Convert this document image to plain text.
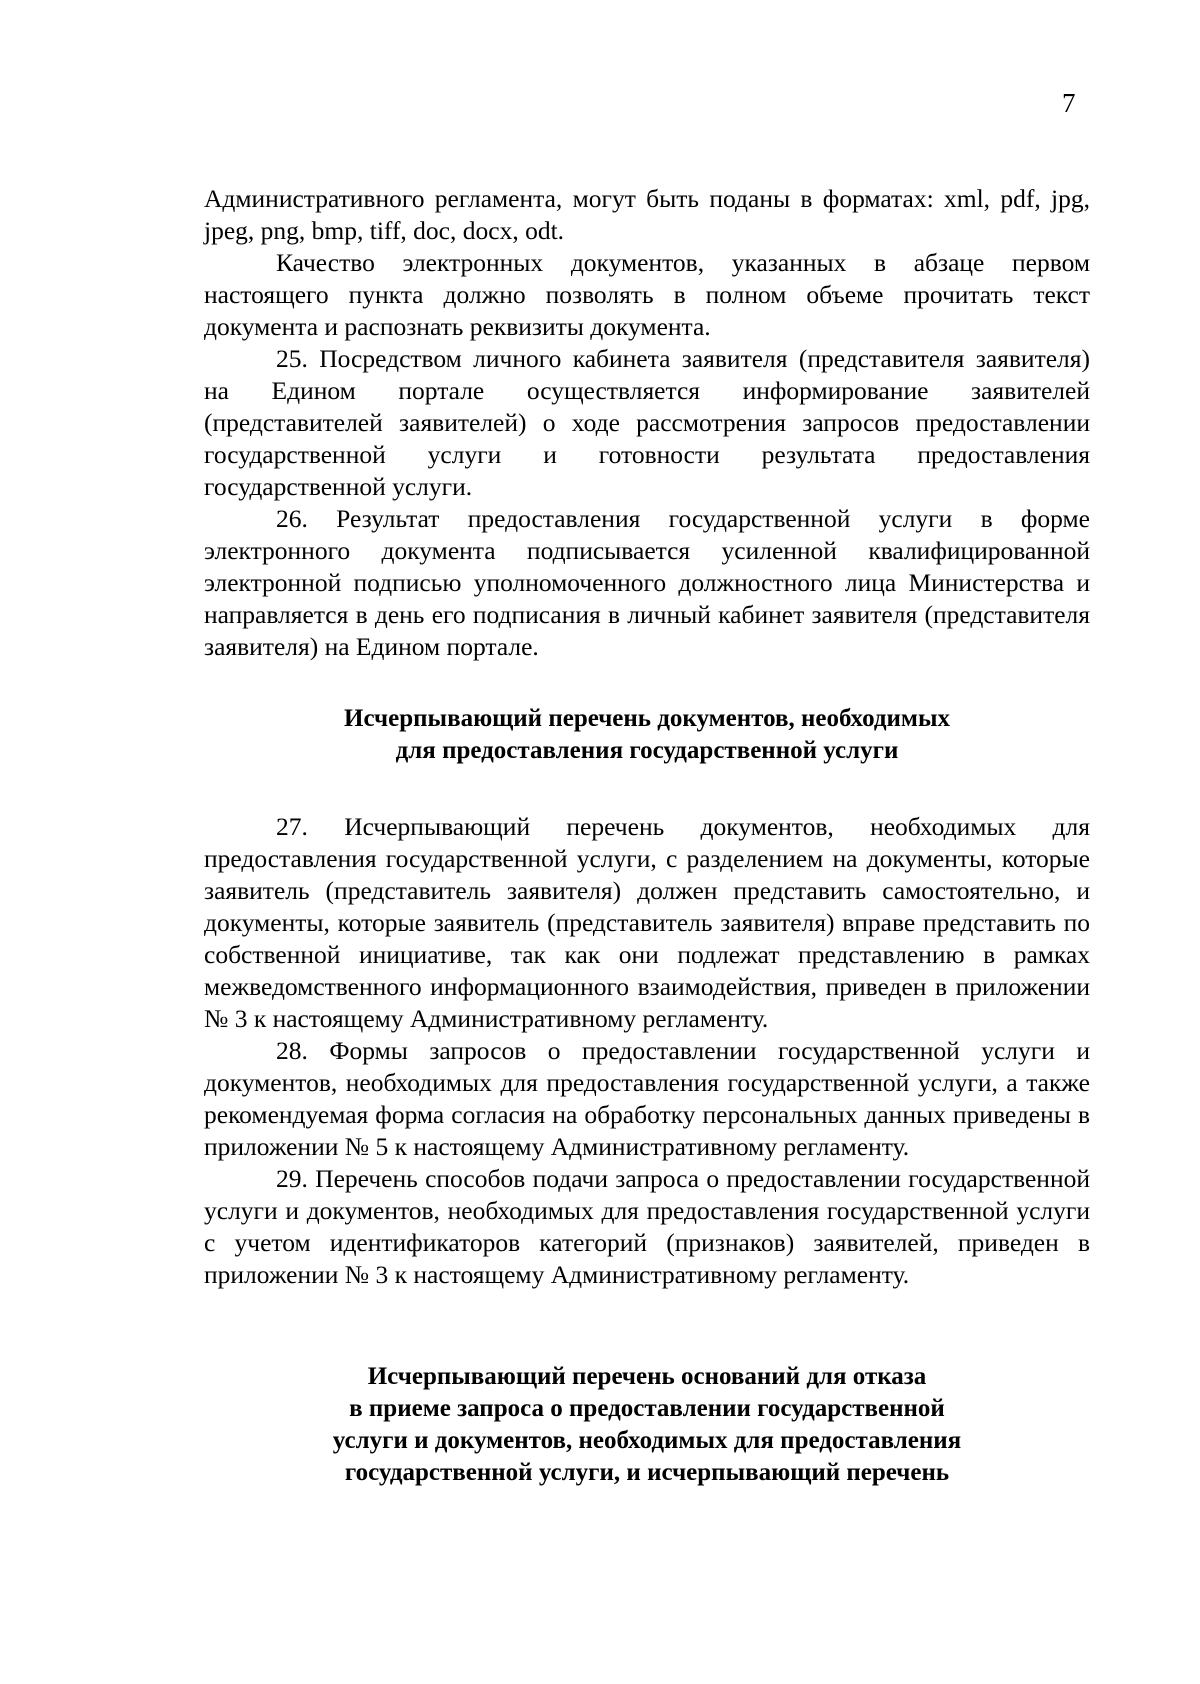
7

Административного регламента, могут быть поданы в форматах: xml, pdf, jpg, jpeg, png, bmp, tiff, doc, docx, odt.

Качество электронных документов, указанных в абзаце первом настоящего пункта должно позволять в полном объеме прочитать текст документа и распознать реквизиты документа.

25. Посредством личного кабинета заявителя (представителя заявителя) на Едином портале осуществляется информирование заявителей (представителей заявителей) о ходе рассмотрения запросов предоставлении государственной услуги и готовности результата предоставления государственной услуги.

26. Результат предоставления государственной услуги в форме электронного документа подписывается усиленной квалифицированной электронной подписью уполномоченного должностного лица Министерства и направляется в день его подписания в личный кабинет заявителя (представителя заявителя) на Едином портале.

Исчерпывающий перечень документов, необходимых
для предоставления государственной услуги

27. Исчерпывающий перечень документов, необходимых для предоставления государственной услуги, с разделением на документы, которые заявитель (представитель заявителя) должен представить самостоятельно, и документы, которые заявитель (представитель заявителя) вправе представить по собственной инициативе, так как они подлежат представлению в рамках межведомственного информационного взаимодействия, приведен в приложении № 3 к настоящему Административному регламенту.

28. Формы запросов о предоставлении государственной услуги и документов, необходимых для предоставления государственной услуги, а также рекомендуемая форма согласия на обработку персональных данных приведены в приложении № 5 к настоящему Административному регламенту.

29. Перечень способов подачи запроса о предоставлении государственной услуги и документов, необходимых для предоставления государственной услуги с учетом идентификаторов категорий (признаков) заявителей, приведен в приложении № 3 к настоящему Административному регламенту.

Исчерпывающий перечень оснований для отказа
в приеме запроса о предоставлении государственной
услуги и документов, необходимых для предоставления
государственной услуги, и исчерпывающий перечень
